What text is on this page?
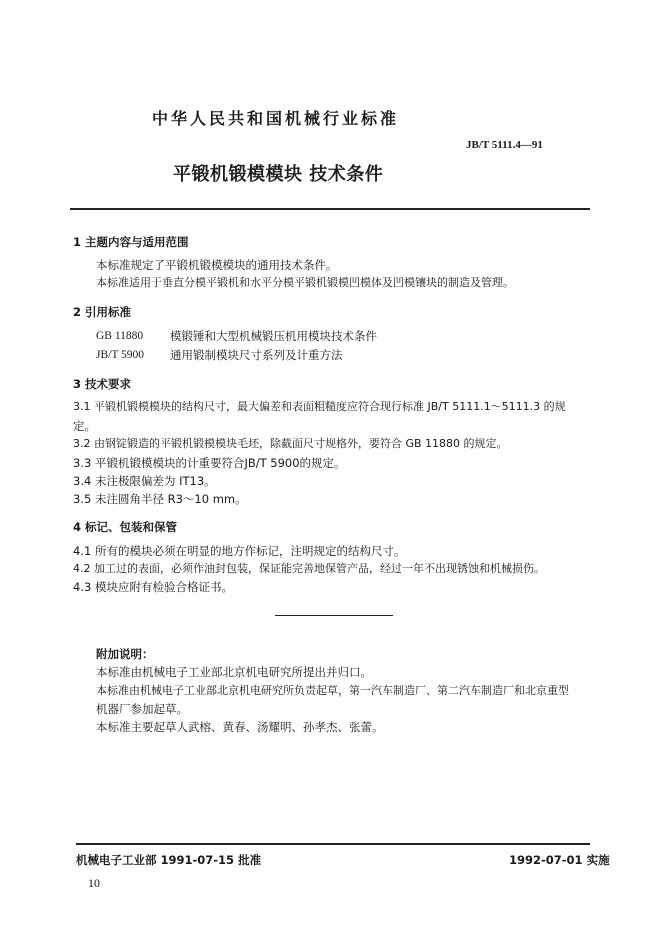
中华人民共和国机械行业标准
JB/T 5111.4—91
平锻机锻模模块 技术条件
1 主题内容与适用范围
本标准规定了平锻机锻模模块的通用技术条件。
本标准适用于垂直分模平锻机和水平分模平锻机锻模凹模体及凹模镶块的制造及管理。
2 引用标准
GB 11880 模锻锤和大型机械锻压机用模块技术条件
JB/T 5900 通用锻制模块尺寸系列及计重方法
3 技术要求
3.1 平锻机锻模模块的结构尺寸，最大偏差和表面粗糙度应符合现行标准 JB/T 5111.1～5111.3 的规
定。
3.2 由钢锭锻造的平锻机锻模模块毛坯，除截面尺寸规格外，要符合 GB 11880 的规定。
3.3 平锻机锻模模块的计重要符合JB/T 5900的规定。
3.4 未注极限偏差为 IT13。
3.5 未注圆角半径 R3～10 mm。
4 标记、包装和保管
4.1 所有的模块必须在明显的地方作标记，注明规定的结构尺寸。
4.2 加工过的表面，必须作油封包装，保证能完善地保管产品，经过一年不出现锈蚀和机械损伤。
4.3 模块应附有检验合格证书。
附加说明：
本标准由机械电子工业部北京机电研究所提出并归口。
本标准由机械电子工业部北京机电研究所负责起草，第一汽车制造厂、第二汽车制造厂和北京重型
机器厂参加起草。
本标准主要起草人武榕、黄春、汤耀明、孙孝杰、张蕾。
机械电子工业部 1991-07-15 批准	1992-07-01 实施
10
